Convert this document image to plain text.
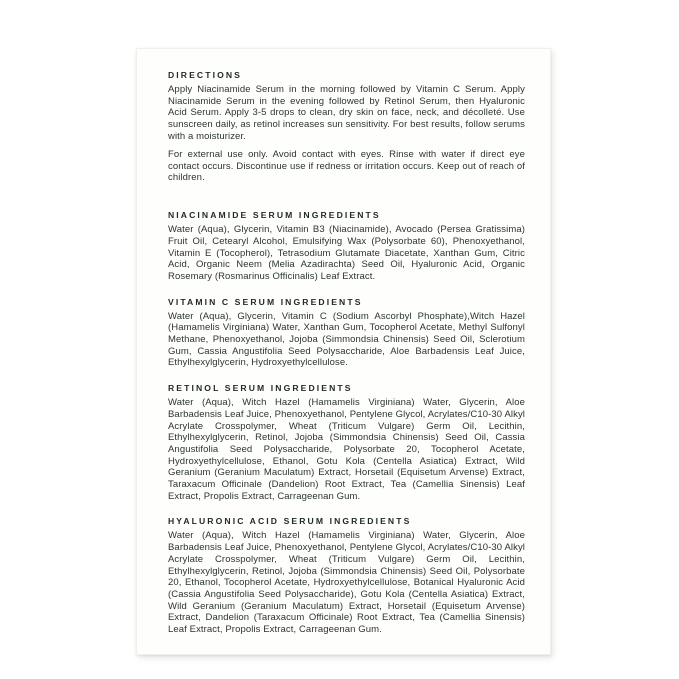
DIRECTIONS

Apply Niacinamide Serum in the morning followed by Vitamin C Serum. Apply Niacinamide Serum in the evening followed by Retinol Serum, then Hyaluronic Acid Serum. Apply 3-5 drops to clean, dry skin on face, neck, and décolleté. Use sunscreen daily, as retinol increases sun sensitivity. For best results, follow serums with a moisturizer.

For external use only. Avoid contact with eyes. Rinse with water if direct eye contact occurs. Discontinue use if redness or irritation occurs. Keep out of reach of children.

NIACINAMIDE SERUM INGREDIENTS

Water (Aqua), Glycerin, Vitamin B3 (Niacinamide), Avocado (Persea Gratissima) Fruit Oil, Cetearyl Alcohol, Emulsifying Wax (Polysorbate 60), Phenoxyethanol, Vitamin E (Tocopherol), Tetrasodium Glutamate Diacetate, Xanthan Gum, Citric Acid, Organic Neem (Melia Azadirachta) Seed Oil, Hyaluronic Acid, Organic Rosemary (Rosmarinus Officinalis) Leaf Extract.

VITAMIN C SERUM INGREDIENTS

Water (Aqua), Glycerin, Vitamin C (Sodium Ascorbyl Phosphate),Witch Hazel (Hamamelis Virginiana) Water, Xanthan Gum, Tocopherol Acetate, Methyl Sulfonyl Methane, Phenoxyethanol, Jojoba (Simmondsia Chinensis) Seed Oil, Sclerotium Gum, Cassia Angustifolia Seed Polysaccharide, Aloe Barbadensis Leaf Juice, Ethylhexylglycerin, Hydroxyethylcellulose.

RETINOL SERUM INGREDIENTS

Water (Aqua), Witch Hazel (Hamamelis Virginiana) Water, Glycerin, Aloe Barbadensis Leaf Juice, Phenoxyethanol, Pentylene Glycol, Acrylates/C10-30 Alkyl Acrylate Crosspolymer, Wheat (Triticum Vulgare) Germ Oil, Lecithin, Ethylhexylglycerin, Retinol, Jojoba (Simmondsia Chinensis) Seed Oil, Cassia Angustifolia Seed Polysaccharide, Polysorbate 20, Tocopherol Acetate, Hydroxyethylcellulose, Ethanol, Gotu Kola (Centella Asiatica) Extract, Wild Geranium (Geranium Maculatum) Extract, Horsetail (Equisetum Arvense) Extract, Taraxacum Officinale (Dandelion) Root Extract, Tea (Camellia Sinensis) Leaf Extract, Propolis Extract, Carrageenan Gum.

HYALURONIC ACID SERUM INGREDIENTS

Water (Aqua), Witch Hazel (Hamamelis Virginiana) Water, Glycerin, Aloe Barbadensis Leaf Juice, Phenoxyethanol, Pentylene Glycol, Acrylates/C10-30 Alkyl Acrylate Crosspolymer, Wheat (Triticum Vulgare) Germ Oil, Lecithin, Ethylhexylglycerin, Retinol, Jojoba (Simmondsia Chinensis) Seed Oil, Polysorbate 20, Ethanol, Tocopherol Acetate, Hydroxyethylcellulose, Botanical Hyaluronic Acid (Cassia Angustifolia Seed Polysaccharide), Gotu Kola (Centella Asiatica) Extract, Wild Geranium (Geranium Maculatum) Extract, Horsetail (Equisetum Arvense) Extract, Dandelion (Taraxacum Officinale) Root Extract, Tea (Camellia Sinensis) Leaf Extract, Propolis Extract, Carrageenan Gum.
